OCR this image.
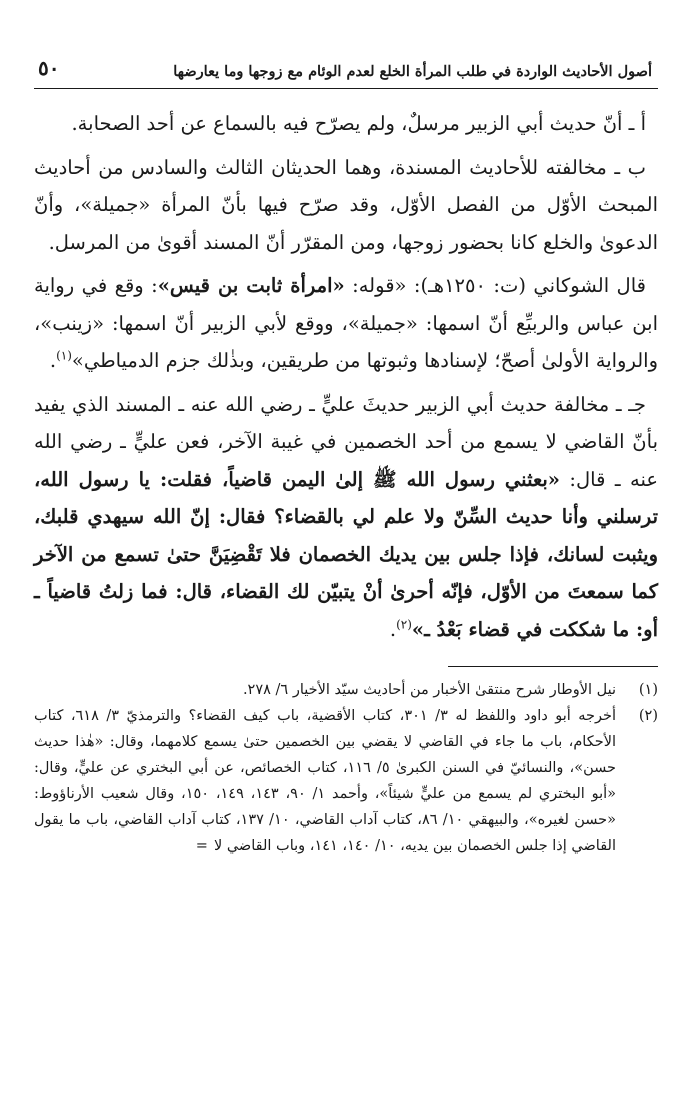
أصول الأحاديث الواردة في طلب المرأة الخلع لعدم الوئام مع زوجها وما يعارضها
٥٠

أ ـ أنّ حديث أبي الزبير مرسلٌ، ولم يصرّح فيه بالسماع عن أحد الصحابة.

ب ـ مخالفته للأحاديث المسندة، وهما الحديثان الثالث والسادس من أحاديث المبحث الأوّل من الفصل الأوّل، وقد صرّح فيها بأنّ المرأة «جميلة»، وأنّ الدعوىٰ والخلع كانا بحضور زوجها، ومن المقرّر أنّ المسند أقوىٰ من المرسل.

قال الشوكاني (ت: ١٢٥٠هـ): «قوله: «امرأة ثابت بن قيس»: وقع في رواية ابن عباس والربيِّع أنّ اسمها: «جميلة»، ووقع لأبي الزبير أنّ اسمها: «زينب»، والرواية الأولىٰ أصحّ؛ لإسنادها وثبوتها من طريقين، وبذٰلك جزم الدمياطي»$^{(١)}$.

جـ ـ مخالفة حديث أبي الزبير حديثَ عليٍّ ـ رضي الله عنه ـ المسند الذي يفيد بأنّ القاضي لا يسمع من أحد الخصمين في غيبة الآخر، فعن عليٍّ ـ رضي الله عنه ـ قال: «بعثني رسول الله ﷺ إلىٰ اليمن قاضياً، فقلت: يا رسول الله، ترسلني وأنا حديث السِّنّ ولا علم لي بالقضاء؟ فقال: إنّ الله سيهدي قلبك، ويثبت لسانك، فإذا جلس بين يديك الخصمان فلا تَقْضِيَنَّ حتىٰ تسمع من الآخر كما سمعتَ من الأوّل، فإنّه أحرىٰ أنْ يتبيّن لك القضاء، قال: فما زلتُ قاضياً ـ أو: ما شككت في قضاء بَعْدُ ـ»$^{(٢)}$.

(١)
نيل الأوطار شرح منتقىٰ الأخبار من أحاديث سيّد الأخيار ٦/ ٢٧٨.
(٢)
أخرجه أبو داود واللفظ له ٣/ ٣٠١، كتاب الأقضية، باب كيف القضاء؟ والترمذيّ ٣/ ٦١٨، كتاب الأحكام، باب ما جاء في القاضي لا يقضي بين الخصمين حتىٰ يسمع كلامهما، وقال: «هٰذا حديث حسن»، والنسائيّ في السنن الكبرىٰ ٥/ ١١٦، كتاب الخصائص، عن أبي البختري عن عليٍّ، وقال: «أبو البختري لم يسمع من عليٍّ شيئاً»، وأحمد ١/ ٩٠، ١٤٣، ١٤٩، ١٥٠، وقال شعيب الأرناؤوط: «حسن لغيره»، والبيهقي ١٠/ ٨٦، كتاب آداب القاضي، ١٠/ ١٣٧، كتاب آداب القاضي، باب ما يقول القاضي إذا جلس الخصمان بين يديه، ١٠/ ١٤٠، ١٤١، وباب القاضي لا=
